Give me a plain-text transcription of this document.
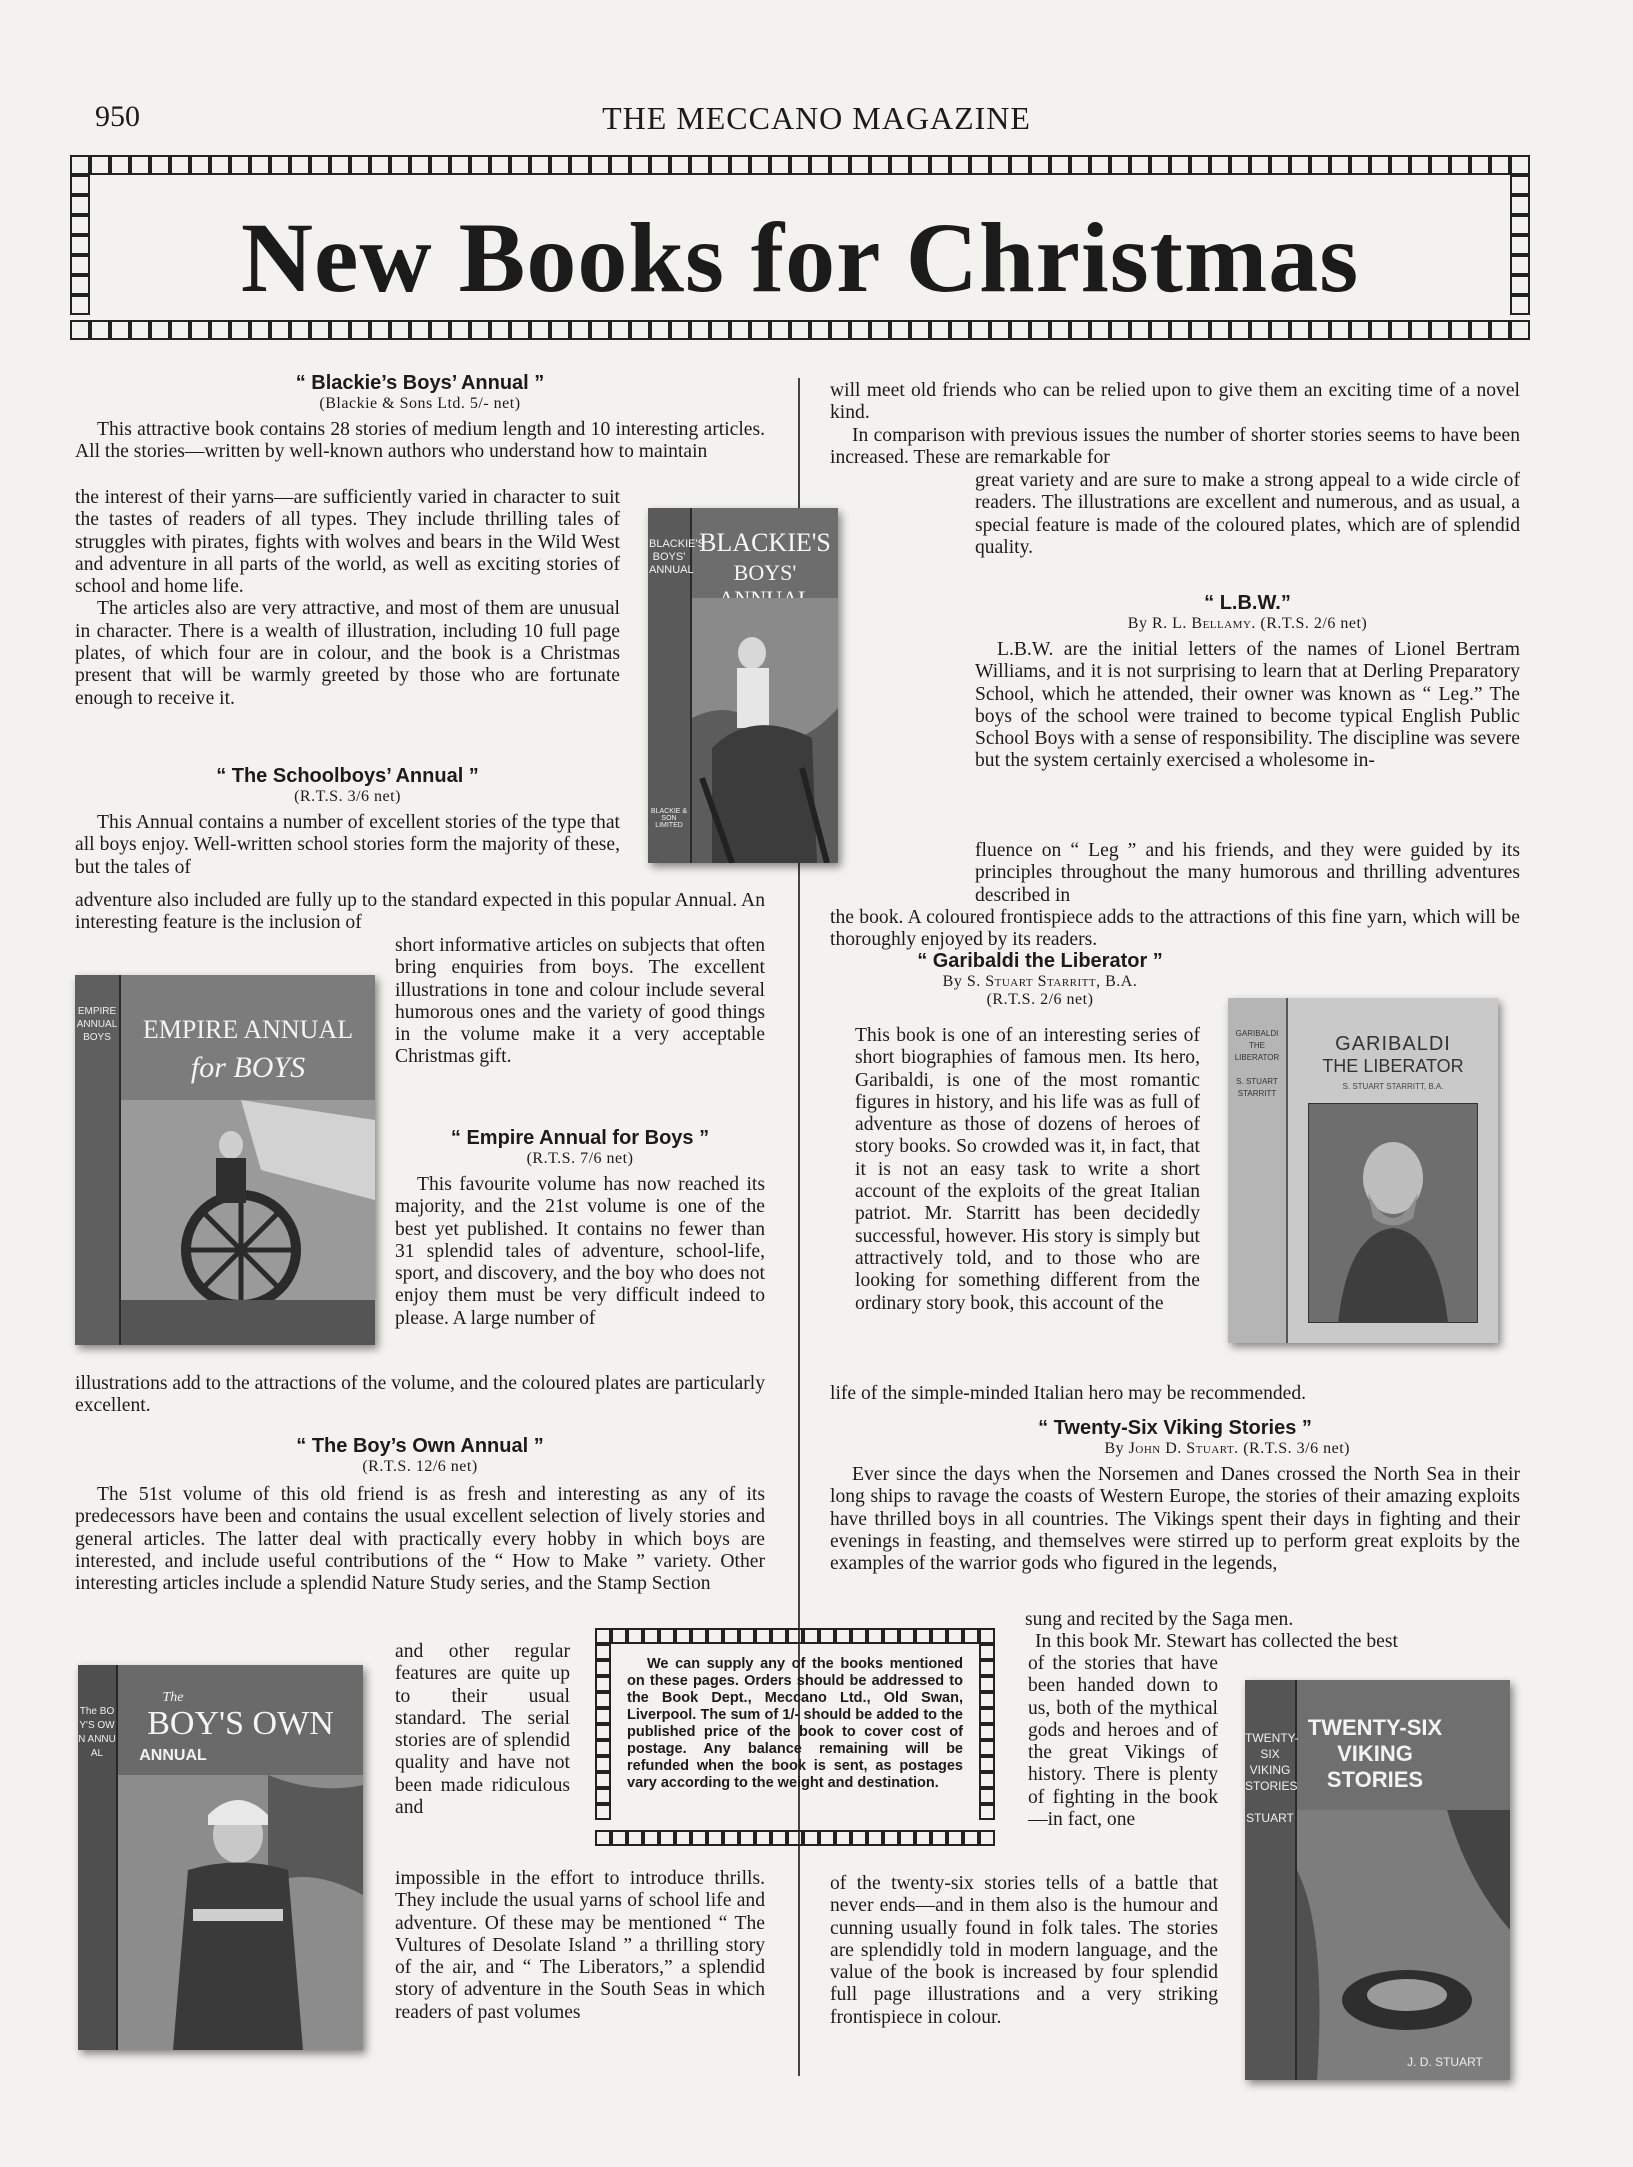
950	THE MECCANO MAGAZINE
New Books for Christmas
“ Blackie’s Boys’ Annual ”
(Blackie & Sons Ltd. 5/- net)

This attractive book contains 28 stories of medium length and 10 interesting articles. All the stories—written by well-known authors who understand how to maintain

the interest of their yarns—are sufficiently varied in character to suit the tastes of readers of all types. They include thrilling tales of struggles with pirates, fights with wolves and bears in the Wild West and adventure in all parts of the world, as well as exciting stories of school and home life.

The articles also are very attractive, and most of them are unusual in character. There is a wealth of illustration, including 10 full page plates, of which four are in colour, and the book is a Christmas present that will be warmly greeted by those who are fortunate enough to receive it.

“ The Schoolboys’ Annual ”
(R.T.S. 3/6 net)

This Annual contains a number of excellent stories of the type that all boys enjoy. Well-written school stories form the majority of these, but the tales of

adventure also included are fully up to the standard expected in this popular Annual. An interesting feature is the inclusion of

short informative articles on subjects that often bring enquiries from boys. The excellent illustrations in tone and colour include several humorous ones and the variety of good things in the volume make it a very acceptable Christmas gift.

“ Empire Annual for Boys ”
(R.T.S. 7/6 net)

This favourite volume has now reached its majority, and the 21st volume is one of the best yet published. It contains no fewer than 31 splendid tales of adventure, school-life, sport, and discovery, and the boy who does not enjoy them must be very difficult indeed to please. A large number of

illustrations add to the attractions of the volume, and the coloured plates are particularly excellent.

“ The Boy’s Own Annual ”
(R.T.S. 12/6 net)

The 51st volume of this old friend is as fresh and interesting as any of its predecessors have been and contains the usual excellent selection of lively stories and general articles. The latter deal with practically every hobby in which boys are interested, and include useful contributions of the “ How to Make ” variety. Other interesting articles include a splendid Nature Study series, and the Stamp Section

and other regular features are quite up to their usual standard. The serial stories are of splendid quality and have not been made ridiculous and

impossible in the effort to introduce thrills. They include the usual yarns of school life and adventure. Of these may be mentioned “ The Vultures of Desolate Island ” a thrilling story of the air, and “ The Liberators,” a splendid story of adventure in the South Seas in which readers of past volumes

will meet old friends who can be relied upon to give them an exciting time of a novel kind.

In comparison with previous issues the number of shorter stories seems to have been increased. These are remarkable for

great variety and are sure to make a strong appeal to a wide circle of readers. The illustrations are excellent and numerous, and as usual, a special feature is made of the coloured plates, which are of splendid quality.

“ L.B.W.”
By R. L. Bellamy. (R.T.S. 2/6 net)

L.B.W. are the initial letters of the names of Lionel Bertram Williams, and it is not surprising to learn that at Derling Preparatory School, which he attended, their owner was known as “ Leg.” The boys of the school were trained to become typical English Public School Boys with a sense of responsibility. The discipline was severe but the system certainly exercised a wholesome in-

fluence on “ Leg ” and his friends, and they were guided by its principles throughout the many humorous and thrilling adventures described in

the book. A coloured frontispiece adds to the attractions of this fine yarn, which will be thoroughly enjoyed by its readers.

“ Garibaldi the Liberator ”
By S. Stuart Starritt, B.A.
(R.T.S. 2/6 net)

This book is one of an interesting series of short biographies of famous men. Its hero, Garibaldi, is one of the most romantic figures in history, and his life was as full of adventure as those of dozens of heroes of story books. So crowded was it, in fact, that it is not an easy task to write a short account of the exploits of the great Italian patriot. Mr. Starritt has been decidedly successful, however. His story is simply but attractively told, and to those who are looking for something different from the ordinary story book, this account of the

life of the simple-minded Italian hero may be recommended.

“ Twenty-Six Viking Stories ”
By John D. Stuart. (R.T.S. 3/6 net)

Ever since the days when the Norsemen and Danes crossed the North Sea in their long ships to ravage the coasts of Western Europe, the stories of their amazing exploits have thrilled boys in all countries. The Vikings spent their days in fighting and their evenings in feasting, and themselves were stirred up to perform great exploits by the examples of the warrior gods who figured in the legends,

sung and recited by the Saga men.

In this book Mr. Stewart has collected the best

of the stories that have been handed down to us, both of the mythical gods and heroes and of the great Vikings of history. There is plenty of fighting in the book—in fact, one

of the twenty-six stories tells of a battle that never ends—and in them also is the humour and cunning usually found in folk tales. The stories are splendidly told in modern language, and the value of the book is increased by four splendid full page illustrations and a very striking frontispiece in colour.

We can supply any of the books mentioned on these pages. Orders should be addressed to the Book Dept., Meccano Ltd., Old Swan, Liverpool. The sum of 1/- should be added to the published price of the book to cover cost of postage. Any balance remaining will be refunded when the book is sent, as postages vary according to the weight and destination.
BLACKIE'S
BOYS'
ANNUAL
BLACKIE & SON LIMITED
BLACKIE'S
BOYS'
EMPIRE ANNUAL BOYS	EMPIRE ANNUAL
for BOYS
The BOY'S OWN ANNUAL
The
BOY'S OWN
ANNUAL
GARIBALDI
THE
LIBERATOR

S. STUART STARRITT
GARIBALDI
THE LIBERATOR
S. STUART STARRITT, B.A.
TWENTY-SIX
VIKING
STORIES

STUART
TWENTY-SIX
VIKING
STORIES
J. D. STUART
